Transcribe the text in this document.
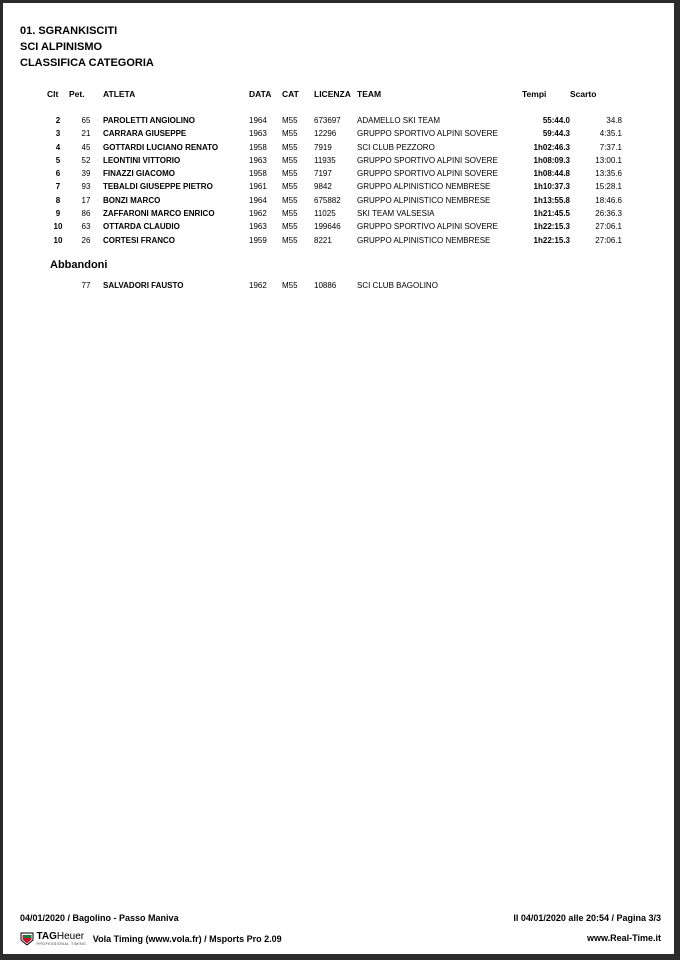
01. SGRANKISCITI
SCI ALPINISMO
CLASSIFICA CATEGORIA
Clt	Pet.	ATLETA	DATA	CAT	LICENZA	TEAM	Tempi	Scarto

2	65	PAROLETTI ANGIOLINO	1964	M55	673697	ADAMELLO SKI TEAM	55:44.0	34.8
3	21	CARRARA GIUSEPPE	1963	M55	12296	GRUPPO SPORTIVO ALPINI SOVERE	59:44.3	4:35.1
4	45	GOTTARDI LUCIANO RENATO	1958	M55	7919	SCI CLUB PEZZORO	1h02:46.3	7:37.1
5	52	LEONTINI VITTORIO	1963	M55	11935	GRUPPO SPORTIVO ALPINI SOVERE	1h08:09.3	13:00.1
6	39	FINAZZI GIACOMO	1958	M55	7197	GRUPPO SPORTIVO ALPINI SOVERE	1h08:44.8	13:35.6
7	93	TEBALDI GIUSEPPE PIETRO	1961	M55	9842	GRUPPO ALPINISTICO NEMBRESE	1h10:37.3	15:28.1
8	17	BONZI MARCO	1964	M55	675882	GRUPPO ALPINISTICO NEMBRESE	1h13:55.8	18:46.6
9	86	ZAFFARONI MARCO ENRICO	1962	M55	11025	SKI TEAM VALSESIA	1h21:45.5	26:36.3
10	63	OTTARDA CLAUDIO	1963	M55	199646	GRUPPO SPORTIVO ALPINI SOVERE	1h22:15.3	27:06.1
10	26	CORTESI FRANCO	1959	M55	8221	GRUPPO ALPINISTICO NEMBRESE	1h22:15.3	27:06.1
Abbandoni
	77	SALVADORI FAUSTO	1962	M55	10886	SCI CLUB BAGOLINO
04/01/2020 / Bagolino - Passo Maniva	Il 04/01/2020 alle 20:54 / Pagina 3/3
TAGHeuer
PROFESSIONAL TIMING
Vola Timing (www.vola.fr) / Msports Pro 2.09	www.Real-Time.it
